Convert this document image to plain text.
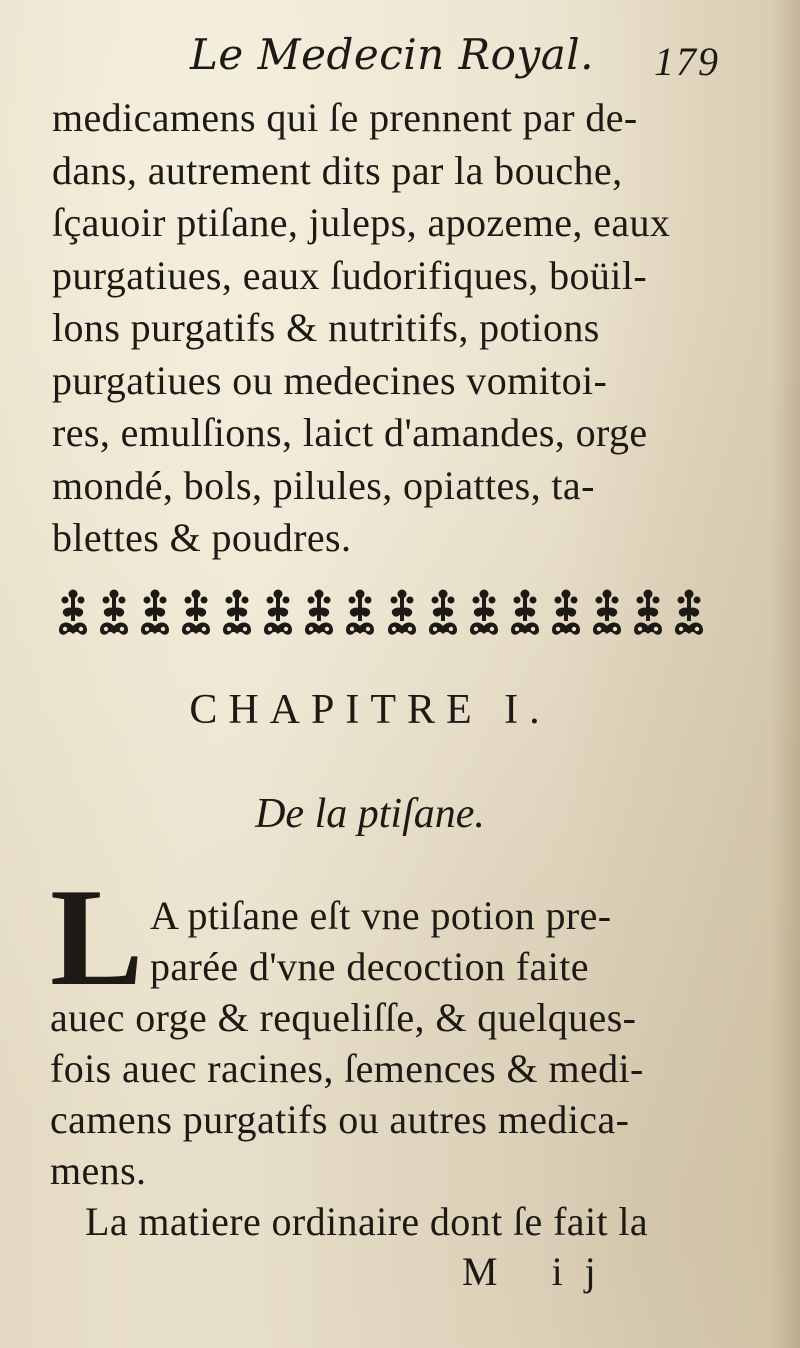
Le Medecin Royal. 179
medicamens qui ſe prennent par de-
dans, autrement dits par la bouche,
ſçauoir ptiſane, juleps, apozeme, eaux
purgatiues, eaux ſudorifiques, boüil-
lons purgatifs & nutritifs, potions
purgatiues ou medecines vomitoi-
res, emulſions, laict d'amandes, orge
mondé, bols, pilules, opiattes, ta-
blettes & poudres.
CHAPITRE I.
De la ptiſane.
L A ptiſane eſt vne potion pre-
parée d'vne decoction faite
auec orge & requeliſſe, & quelques-
fois auec racines, ſemences & medi-
camens purgatifs ou autres medica-
mens.
La matiere ordinaire dont ſe fait la
M ij
